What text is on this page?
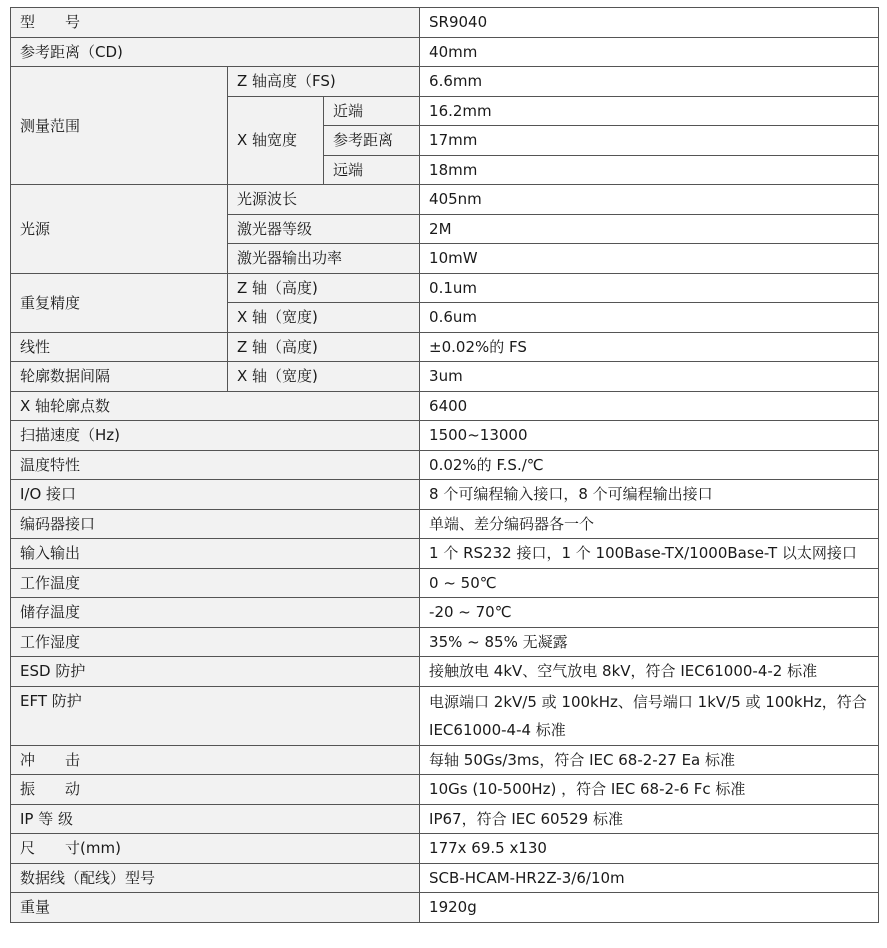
型　　号			SR9040
参考距离（CD)			40mm
测量范围	Z 轴高度（FS)		6.6mm
	X 轴宽度	近端	16.2mm
		参考距离	17mm
		远端	18mm
光源	光源波长		405nm
	激光器等级		2M
	激光器输出功率		10mW
重复精度	Z 轴（高度)		0.1um
	X 轴（宽度)		0.6um
线性	Z 轴（高度)		±0.02%的 FS
轮廓数据间隔	X 轴（宽度)		3um
X 轴轮廓点数			6400
扫描速度（Hz)			1500~13000
温度特性			0.02%的 F.S./℃
I/O 接口			8 个可编程输入接口，8 个可编程输出接口
编码器接口			单端、差分编码器各一个
输入输出			1 个 RS232 接口，1 个 100Base-TX/1000Base-T 以太网接口
工作温度			0 ~ 50℃
储存温度			-20 ~ 70℃
工作湿度			35% ~ 85% 无凝露
ESD 防护			接触放电 4kV、空气放电 8kV，符合 IEC61000-4-2 标准
EFT 防护			电源端口 2kV/5 或 100kHz、信号端口 1kV/5 或 100kHz，符合
IEC61000-4-4 标准

冲　　击			每轴 50Gs/3ms，符合 IEC 68-2-27 Ea 标准
振　　动			10Gs (10-500Hz) ，符合 IEC 68-2-6 Fc 标准
IP 等 级			IP67，符合 IEC 60529 标准
尺　　寸(mm)			177x 69.5 x130
数据线（配线）型号			SCB-HCAM-HR2Z-3/6/10m
重量			1920g
